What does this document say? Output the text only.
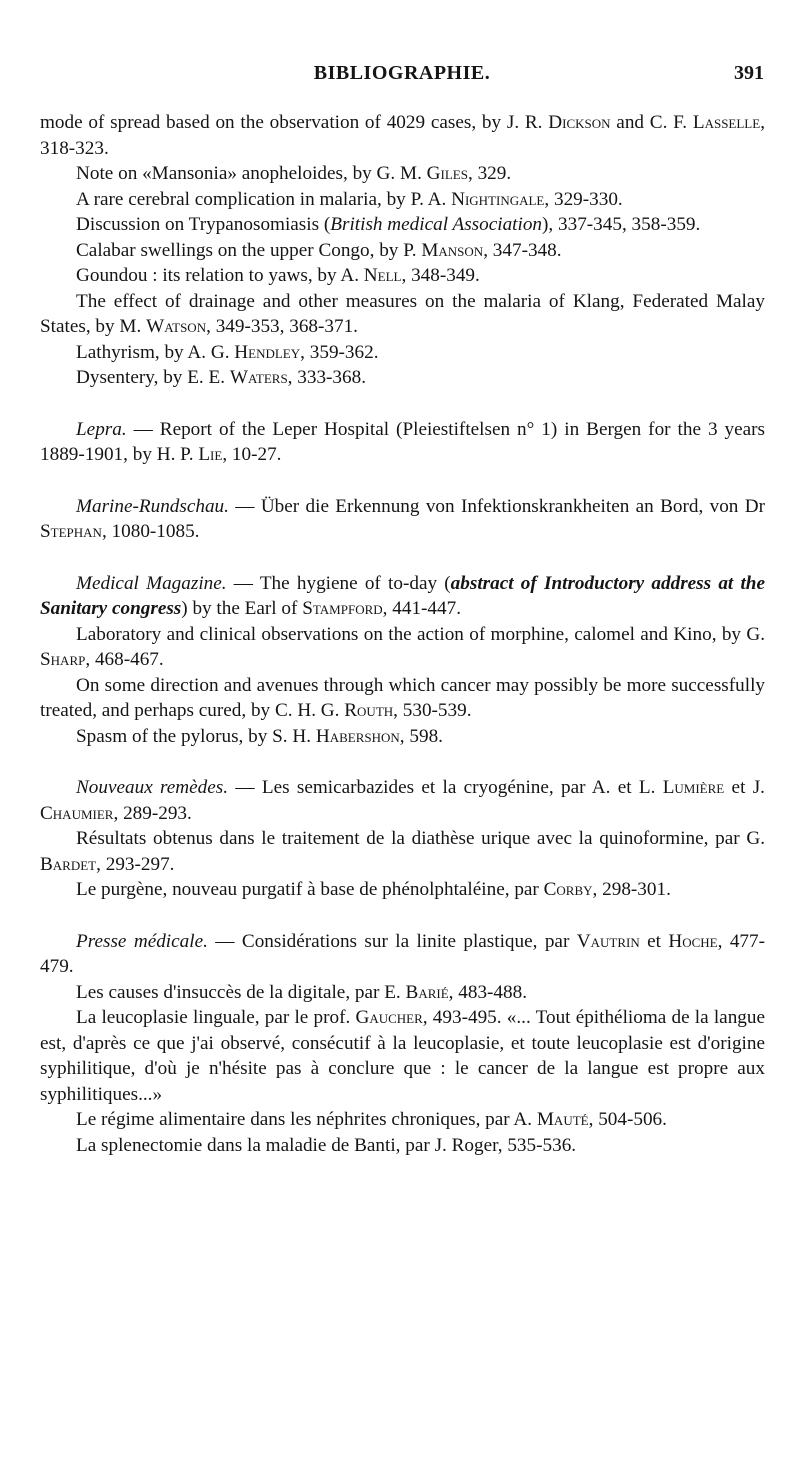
BIBLIOGRAPHIE.	391

mode of spread based on the observation of 4029 cases, by J. R. Dickson and C. F. Lasselle, 318-323.

Note on «Mansonia» anopheloides, by G. M. Giles, 329.

A rare cerebral complication in malaria, by P. A. Nightingale, 329-330.

Discussion on Trypanosomiasis (British medical Association), 337-345, 358-359.

Calabar swellings on the upper Congo, by P. Manson, 347-348.

Goundou : its relation to yaws, by A. Nell, 348-349.

The effect of drainage and other measures on the malaria of Klang, Federated Malay States, by M. Watson, 349-353, 368-371.

Lathyrism, by A. G. Hendley, 359-362.

Dysentery, by E. E. Waters, 333-368.

Lepra. — Report of the Leper Hospital (Pleiestiftelsen n° 1) in Bergen for the 3 years 1889-1901, by H. P. Lie, 10-27.

Marine-Rundschau. — Über die Erkennung von Infektionskrankheiten an Bord, von Dr Stephan, 1080-1085.

Medical Magazine. — The hygiene of to-day (abstract of Introductory address at the Sanitary congress) by the Earl of Stampford, 441-447.

Laboratory and clinical observations on the action of morphine, calomel and Kino, by G. Sharp, 468-467.

On some direction and avenues through which cancer may possibly be more successfully treated, and perhaps cured, by C. H. G. Routh, 530-539.

Spasm of the pylorus, by S. H. Habershon, 598.

Nouveaux remèdes. — Les semicarbazides et la cryogénine, par A. et L. Lumière et J. Chaumier, 289-293.

Résultats obtenus dans le traitement de la diathèse urique avec la quinoformine, par G. Bardet, 293-297.

Le purgène, nouveau purgatif à base de phénolphtaléine, par Corby, 298-301.

Presse médicale. — Considérations sur la linite plastique, par Vautrin et Hoche, 477-479.

Les causes d'insuccès de la digitale, par E. Barié, 483-488.

La leucoplasie linguale, par le prof. Gaucher, 493-495. «... Tout épithélioma de la langue est, d'après ce que j'ai observé, consécutif à la leucoplasie, et toute leucoplasie est d'origine syphilitique, d'où je n'hésite pas à conclure que : le cancer de la langue est propre aux syphilitiques...»

Le régime alimentaire dans les néphrites chroniques, par A. Mauté, 504-506.

La splenectomie dans la maladie de Banti, par J. Roger, 535-536.
